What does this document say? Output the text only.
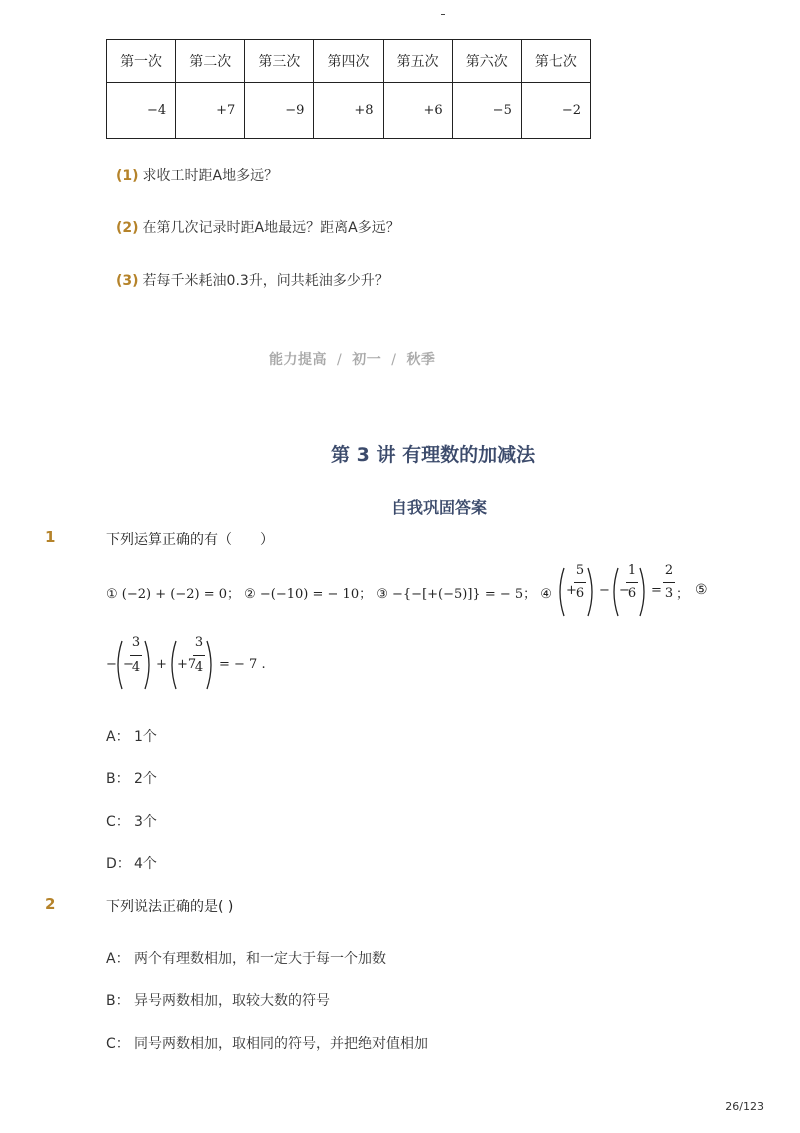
第一次	第二次	第三次	第四次	第五次	第六次	第七次
−4	+7	−9	+8	+6	−5	−2
(1) 求收工时距A地多远？
(2) 在第几次记录时距A地最远？距离A多远？
(3) 若每千米耗油0.3升，问共耗油多少升？
能力提高 / 初一 / 秋季
第 3 讲 有理数的加减法
自我巩固答案
1	下列运算正确的有（　　）
① (−2) + (−2) = 0； ② −(−10) = − 10； ③ −{−[+(−5)]} = − 5； ④ +
5
6 − −
1
6 =
2
3 ； ⑤
− −
3
4 + +7
3
4 = − 7 .
A： 1个
B： 2个
C： 3个
D： 4个
2	下列说法正确的是( )
A： 两个有理数相加，和一定大于每一个加数
B： 异号两数相加，取较大数的符号
C： 同号两数相加，取相同的符号，并把绝对值相加
26/123
